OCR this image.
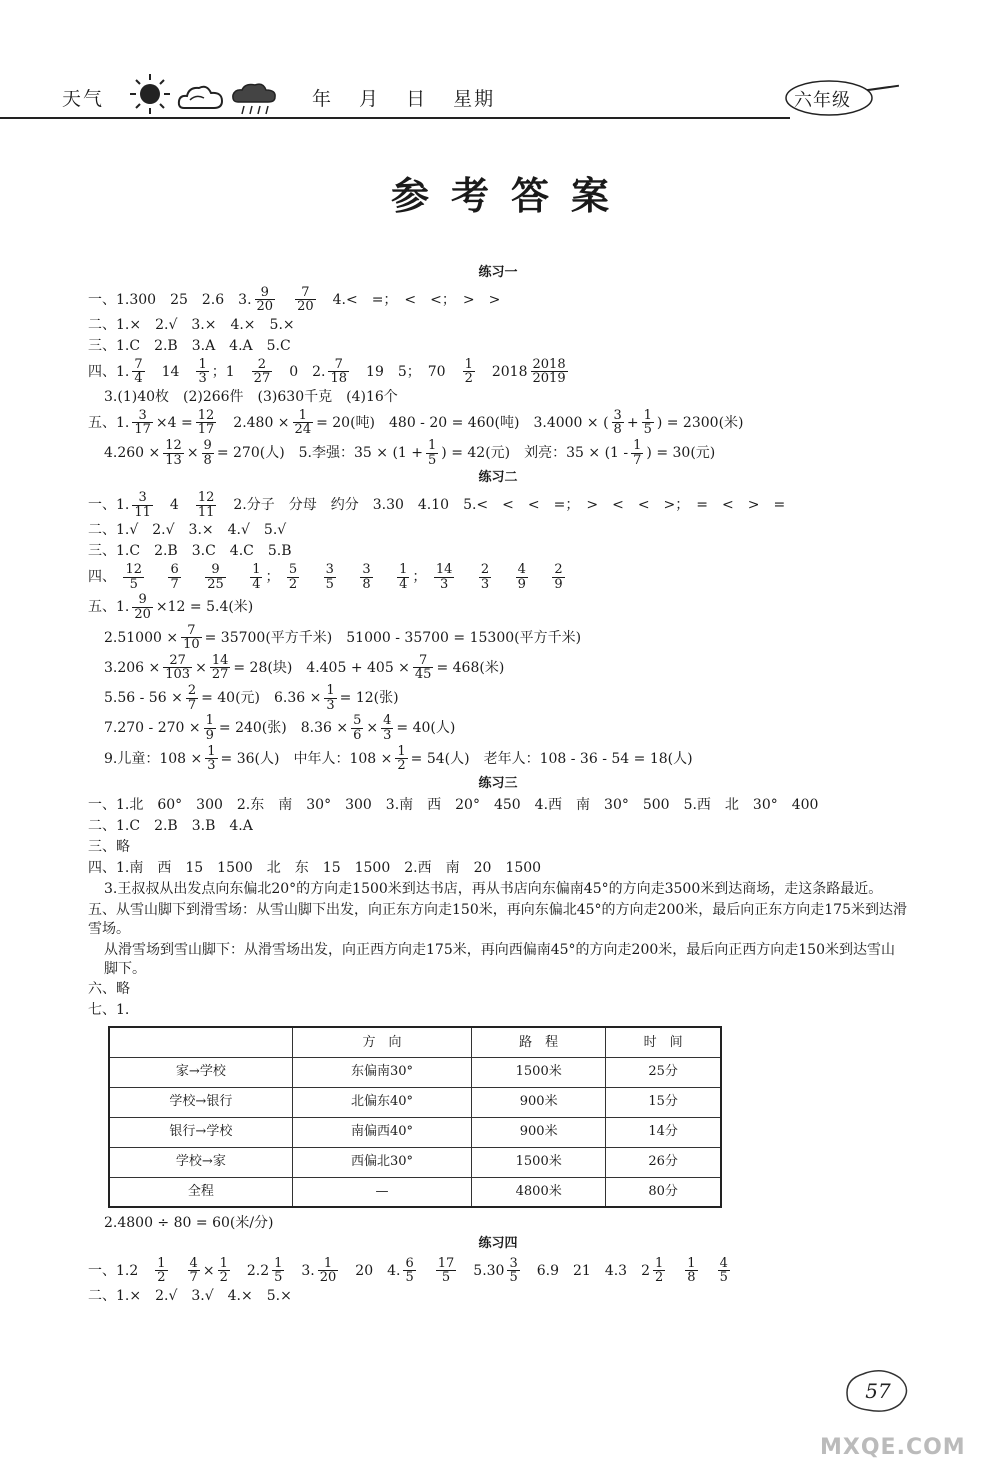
天气	年 月 日 星期	六年级
参考答案
练习一
一、1.300　25　2.6　3. $\frac{9}{20}$
　 $\frac{7}{20}$ 　4.<　=；　<　<；　>　>
二、1.×　2.√　3.×　4.×　5.×
三、1.C　2.B　3.A　4.A　5.C
四、1. $\frac{7}{4}$
　 14　 $\frac{1}{3}$ ；1　 $\frac{2}{27}$
　 0　2. $\frac{7}{18}$
　 19　5；　70　 $\frac{1}{2}$
　 $2018 \frac{2018}{2019}$
3.(1)40枚　(2)266件　(3)630千克　(4)16个
五、1. $\frac{3}{17} \times 4 = \frac{12}{17}$
　 $2.480 \times \frac{1}{24} = 20$(吨)　480 - 20 = 460(吨)　3.4000 × ( $\frac{3}{8} + \frac{1}{5}$ ) = 2300(米)
$4.260 \times \frac{12}{13} \times \frac{9}{8} = 270$(人)　5.李强：$35 \times (1 + \frac{1}{5}$ ) = 42(元)　刘亮：$35 \times (1 - \frac{1}{7}$ ) = 30(元)
练习二
一、1. $\frac{3}{11}$
　 4　 $\frac{12}{11}$
　 2.分子　分母　约分　3.30　4.10　5.<　<　<　=；　>　<　<　>；　=　<　>　=
二、1.√　2.√　3.×　4.√　5.√
三、1.C　2.B　3.C　4.C　5.B
四、 $\frac{12}{5}$
　 $\frac{6}{7}$
　 $\frac{9}{25}$
　 $\frac{1}{4}$ ； $\frac{5}{2}$
　 $\frac{3}{5}$
　 $\frac{3}{8}$
　 $\frac{1}{4}$ ； $\frac{14}{3}$
　 $\frac{2}{3}$
　 $\frac{4}{9}$
　 $\frac{2}{9}$
五、1. $\frac{9}{20} \times 12 = 5.4$(米)
$2.51000 \times \frac{7}{10} = 35700$(平方千米)　51000 - 35700 = 15300(平方千米)
$3.206 \times \frac{27}{103} \times \frac{14}{27} = 28$(块)　$4.405 + 405 \times \frac{7}{45} = 468$(米)
$5.56 - 56 \times \frac{2}{7} = 40$(元)　$6.36 \times \frac{1}{3} = 12$(张)
$7.270 - 270 \times \frac{1}{9} = 240$(张)　$8.36 \times \frac{5}{6} \times \frac{4}{3} = 40$(人)
9.儿童：$108 \times \frac{1}{3} = 36$(人)　中年人：$108 \times \frac{1}{2} = 54$(人)　老年人：108 - 36 - 54 = 18(人)
练习三
一、1.北　60°　300　2.东　南　30°　300　3.南　西　20°　450　4.西　南　30°　500　5.西　北　30°　400
二、1.C　2.B　3.B　4.A
三、略
四、1.南　西　15　1500　北　东　15　1500　2.西　南　20　1500
3.王叔叔从出发点向东偏北20°的方向走1500米到达书店，再从书店向东偏南45°的方向走3500米到达商场，走这条路最近。
五、从雪山脚下到滑雪场：从雪山脚下出发，向正东方向走150米，再向东偏北45°的方向走200米，最后向正东方向走175米到达滑雪场。
从滑雪场到雪山脚下：从滑雪场出发，向正西方向走175米，再向西偏南45°的方向走200米，最后向正西方向走150米到达雪山脚下。
六、略
七、1.
	方　向	路　程	时　间
家→学校	东偏南30°	1500米	25分
学校→银行	北偏东40°	900米	15分
银行→学校	南偏西40°	900米	14分
学校→家	西偏北30°	1500米	26分
全程	—	4800米	80分
2.4800 ÷ 80 = 60(米/分)
练习四
一、1.2　 $\frac{1}{2}$
　 $\frac{4}{7} \times \frac{1}{2}$
　 $2.2 \frac{1}{5}$
　 3. $\frac{1}{20}$
　 20　4. $\frac{6}{5}$
　 $\frac{17}{5}$
　 $5.30 \frac{3}{5}$
　 6.9　21　4.3　$2 \frac{1}{2}$
　 $\frac{1}{8}$
　 $\frac{4}{5}$
二、1.×　2.√　3.√　4.×　5.×
57
MXQE.COM
